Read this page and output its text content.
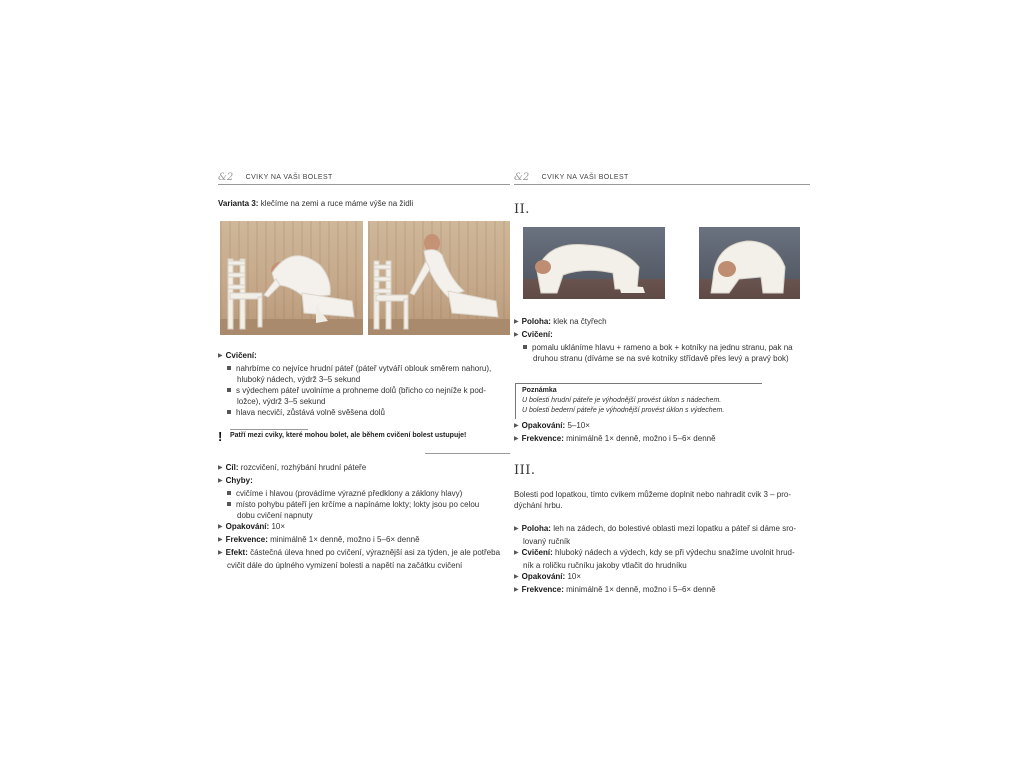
&2 CVIKY NA VAŠI BOLEST
Varianta 3: klečíme na zemi a ruce máme výše na židli
▶ Cvičení:
nahrbíme co nejvíce hrudní páteř (páteř vytváří oblouk směrem nahoru),
hluboký nádech, výdrž 3–5 sekund
s výdechem páteř uvolníme a prohneme dolů (břicho co nejníže k pod-
ložce), výdrž 3–5 sekund
hlava necvičí, zůstává volně svěšena dolů
! Patří mezi cviky, které mohou bolet, ale během cvičení bolest ustupuje!
▶ Cíl: rozcvičení, rozhýbání hrudní páteře
▶ Chyby:
cvičíme i hlavou (provádíme výrazné předklony a záklony hlavy)
místo pohybu páteří jen krčíme a napínáme lokty; lokty jsou po celou
dobu cvičení napnuty
▶ Opakování: 10×
▶ Frekvence: minimálně 1× denně, možno i 5–6× denně
▶ Efekt: částečná úleva hned po cvičení, výraznější asi za týden, je ale potřeba
cvičit dále do úplného vymizení bolesti a napětí na začátku cvičení
&2 CVIKY NA VAŠI BOLEST
II.
▶ Poloha: klek na čtyřech
▶ Cvičení:
pomalu ukláníme hlavu + rameno a bok + kotníky na jednu stranu, pak na
druhou stranu (díváme se na své kotníky střídavě přes levý a pravý bok)
Poznámka
U bolesti hrudní páteře je výhodnější provést úklon s nádechem.
U bolesti bederní páteře je výhodnější provést úklon s výdechem.
▶ Opakování: 5–10×
▶ Frekvence: minimálně 1× denně, možno i 5–6× denně
III.
Bolesti pod lopatkou, tímto cvikem můžeme doplnit nebo nahradit cvik 3 – pro-
dýchání hrbu.
▶ Poloha: leh na zádech, do bolestivé oblasti mezi lopatku a páteř si dáme sro-
lovaný ručník
▶ Cvičení: hluboký nádech a výdech, kdy se při výdechu snažíme uvolnit hrud-
ník a roličku ručníku jakoby vtlačit do hrudníku
▶ Opakování: 10×
▶ Frekvence: minimálně 1× denně, možno i 5–6× denně
